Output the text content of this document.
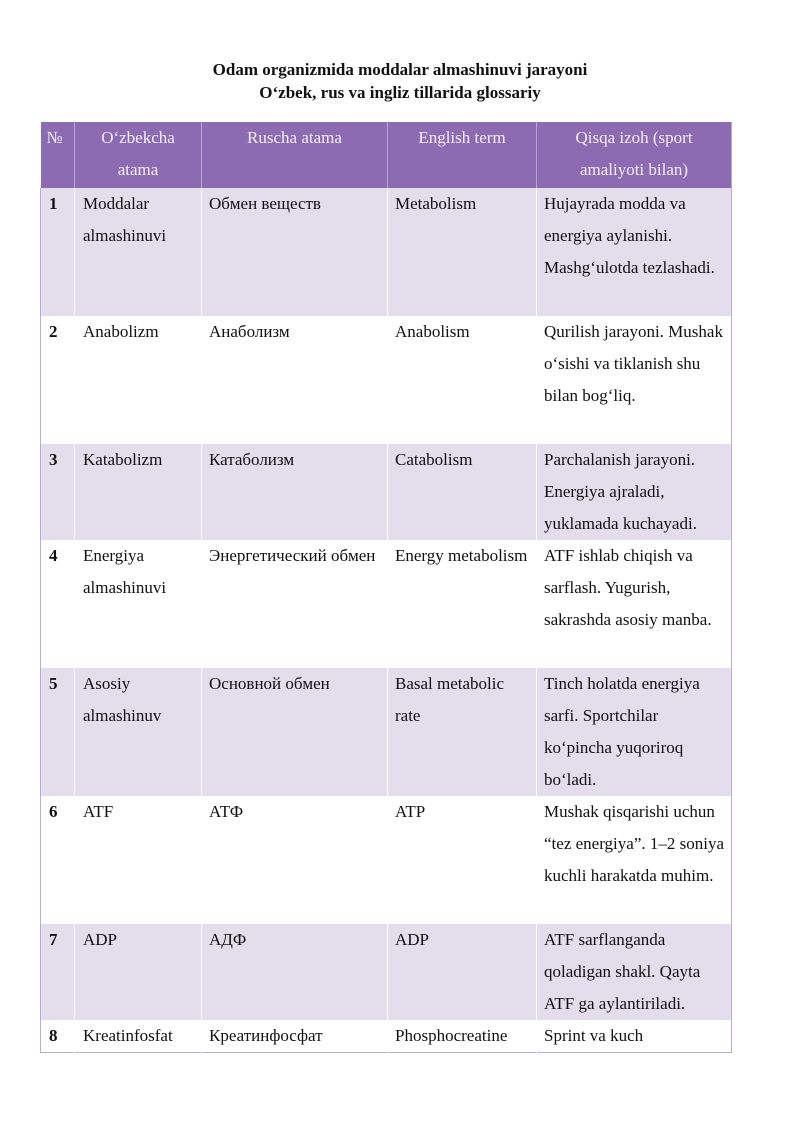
Odam organizmida moddalar almashinuvi jarayoni
O‘zbek, rus va ingliz tillarida glossariy
№	O‘zbekcha atama	Ruscha atama	English term	Qisqa izoh (sport amaliyoti bilan)
1	Moddalar almashinuvi	Обмен веществ	Metabolism	Hujayrada modda va energiya aylanishi. Mashg‘ulotda tezlashadi.
2	Anabolizm	Анаболизм	Anabolism	Qurilish jarayoni. Mushak o‘sishi va tiklanish shu bilan bog‘liq.
3	Katabolizm	Катаболизм	Catabolism	Parchalanish jarayoni. Energiya ajraladi, yuklamada kuchayadi.
4	Energiya almashinuvi	Энергетический обмен	Energy metabolism	ATF ishlab chiqish va sarflash. Yugurish, sakrashda asosiy manba.
5	Asosiy almashinuv	Основной обмен	Basal metabolic rate	Tinch holatda energiya sarfi. Sportchilar ko‘pincha yuqoriroq bo‘ladi.
6	ATF	АТФ	ATP	Mushak qisqarishi uchun “tez energiya”. 1–2 soniya kuchli harakatda muhim.
7	ADP	АДФ	ADP	ATF sarflanganda qoladigan shakl. Qayta ATF ga aylantiriladi.
8	Kreatinfosfat	Креатинфосфат	Phosphocreatine	Sprint va kuch
